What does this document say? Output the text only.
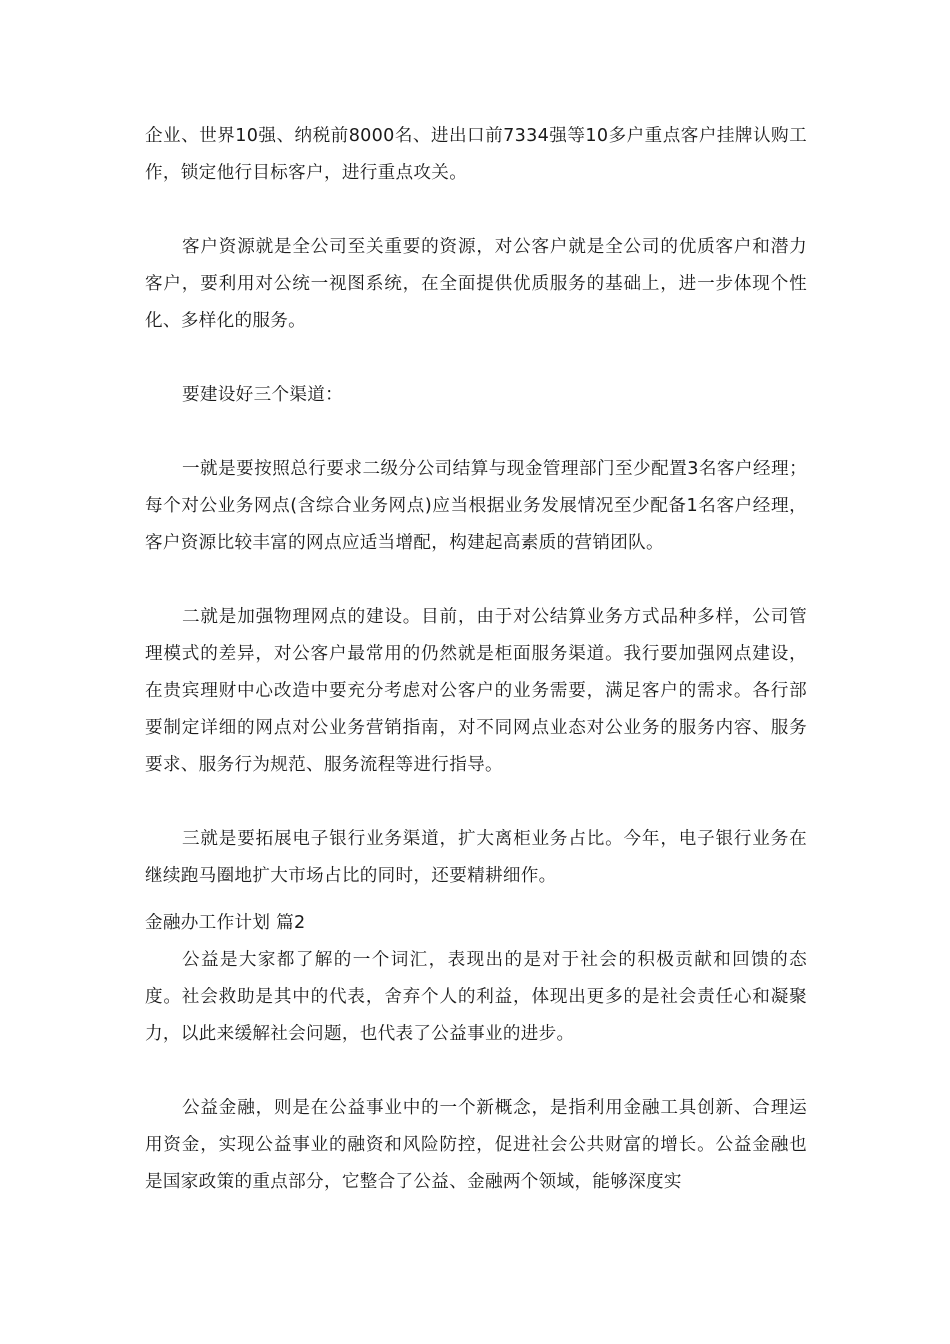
企业、世界10强、纳税前8000名、进出口前7334强等10多户重点客户挂牌认购工作，锁定他行目标客户，进行重点攻关。

客户资源就是全公司至关重要的资源，对公客户就是全公司的优质客户和潜力客户，要利用对公统一视图系统，在全面提供优质服务的基础上，进一步体现个性化、多样化的服务。

要建设好三个渠道：

一就是要按照总行要求二级分公司结算与现金管理部门至少配置3名客户经理；每个对公业务网点(含综合业务网点)应当根据业务发展情况至少配备1名客户经理，客户资源比较丰富的网点应适当增配，构建起高素质的营销团队。

二就是加强物理网点的建设。目前，由于对公结算业务方式品种多样，公司管理模式的差异，对公客户最常用的仍然就是柜面服务渠道。我行要加强网点建设，在贵宾理财中心改造中要充分考虑对公客户的业务需要，满足客户的需求。各行部要制定详细的网点对公业务营销指南，对不同网点业态对公业务的服务内容、服务要求、服务行为规范、服务流程等进行指导。

三就是要拓展电子银行业务渠道，扩大离柜业务占比。今年，电子银行业务在继续跑马圈地扩大市场占比的同时，还要精耕细作。

金融办工作计划 篇2

公益是大家都了解的一个词汇，表现出的是对于社会的积极贡献和回馈的态度。社会救助是其中的代表，舍弃个人的利益，体现出更多的是社会责任心和凝聚力，以此来缓解社会问题，也代表了公益事业的进步。

公益金融，则是在公益事业中的一个新概念，是指利用金融工具创新、合理运用资金，实现公益事业的融资和风险防控，促进社会公共财富的增长。公益金融也是国家政策的重点部分，它整合了公益、金融两个领域，能够深度实
